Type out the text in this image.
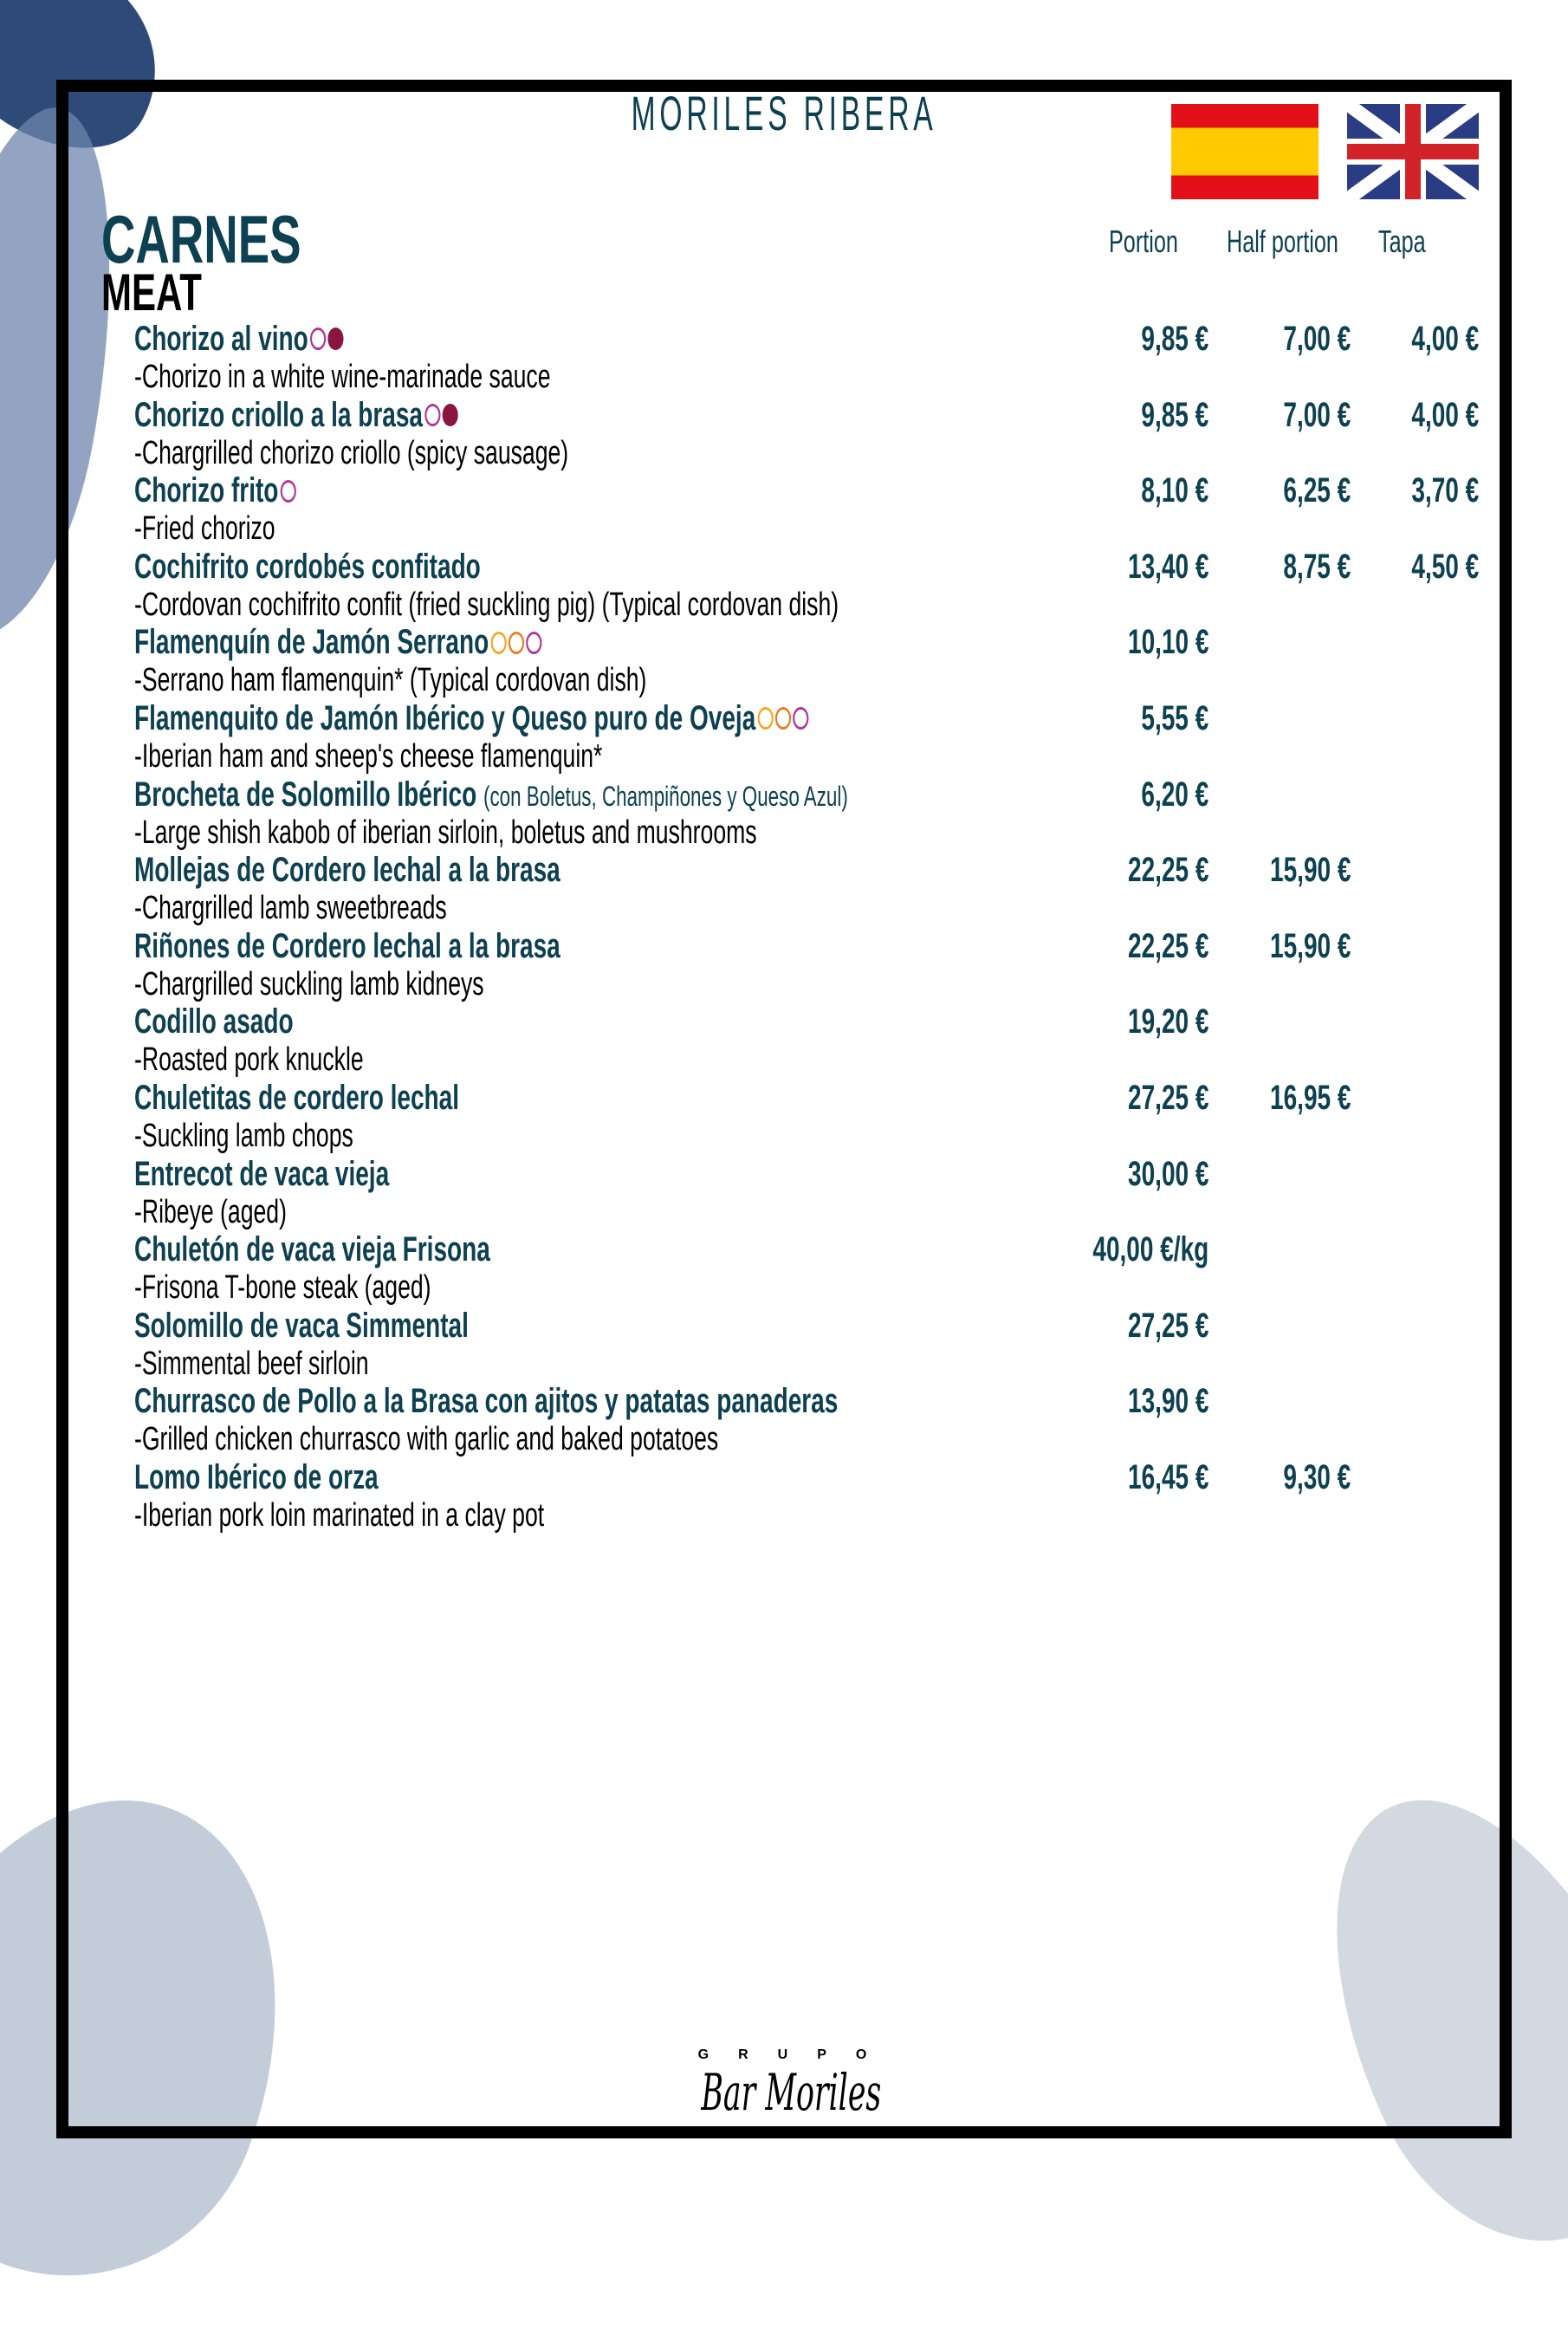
MORILES RIBERA
CARNES
MEAT
Portion Half portion Tapa
Chorizo al vino
-Chorizo in a white wine-marinade sauce
9,85 € 7,00 € 4,00 €
Chorizo criollo a la brasa
-Chargrilled chorizo criollo (spicy sausage)
9,85 € 7,00 € 4,00 €
Chorizo frito
-Fried chorizo
8,10 € 6,25 € 3,70 €
Cochifrito cordobés confitado
-Cordovan cochifrito confit (fried suckling pig) (Typical cordovan dish)
13,40 € 8,75 € 4,50 €
Flamenquín de Jamón Serrano
-Serrano ham flamenquin* (Typical cordovan dish)
10,10 €
Flamenquito de Jamón Ibérico y Queso puro de Oveja
-Iberian ham and sheep's cheese flamenquin*
5,55 €
Brocheta de Solomillo Ibérico (con Boletus, Champiñones y Queso Azul)
-Large shish kabob of iberian sirloin, boletus and mushrooms
6,20 €
Mollejas de Cordero lechal a la brasa
-Chargrilled lamb sweetbreads
22,25 € 15,90 €
Riñones de Cordero lechal a la brasa
-Chargrilled suckling lamb kidneys
22,25 € 15,90 €
Codillo asado
-Roasted pork knuckle
19,20 €
Chuletitas de cordero lechal
-Suckling lamb chops
27,25 € 16,95 €
Entrecot de vaca vieja
-Ribeye (aged)
30,00 €
Chuletón de vaca vieja Frisona
-Frisona T-bone steak (aged)
40,00 €/kg
Solomillo de vaca Simmental
-Simmental beef sirloin
27,25 €
Churrasco de Pollo a la Brasa con ajitos y patatas panaderas
-Grilled chicken churrasco with garlic and baked potatoes
13,90 €
Lomo Ibérico de orza
-Iberian pork loin marinated in a clay pot
16,45 € 9,30 €
GRUPO
Bar Moriles
